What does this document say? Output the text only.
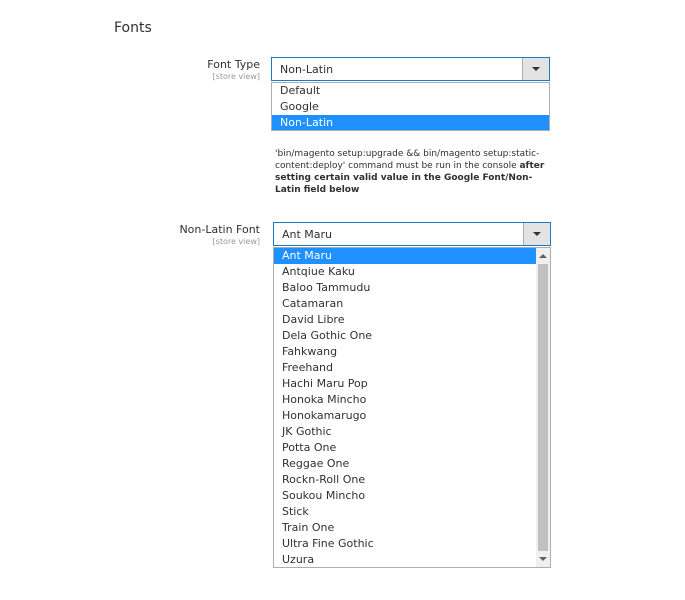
Fonts
Font Type
[store view]
Non-Latin
Default
Google
Non-Latin
'bin/magento setup:upgrade && bin/magento setup:static-content:deploy' command must be run in the console after setting certain valid value in the Google Font/Non-Latin field below
Non-Latin Font
[store view]
Ant Maru
Ant Maru
Antqiue Kaku
Baloo Tammudu
Catamaran
David Libre
Dela Gothic One
Fahkwang
Freehand
Hachi Maru Pop
Honoka Mincho
Honokamarugo
JK Gothic
Potta One
Reggae One
Rockn-Roll One
Soukou Mincho
Stick
Train One
Ultra Fine Gothic
Uzura
